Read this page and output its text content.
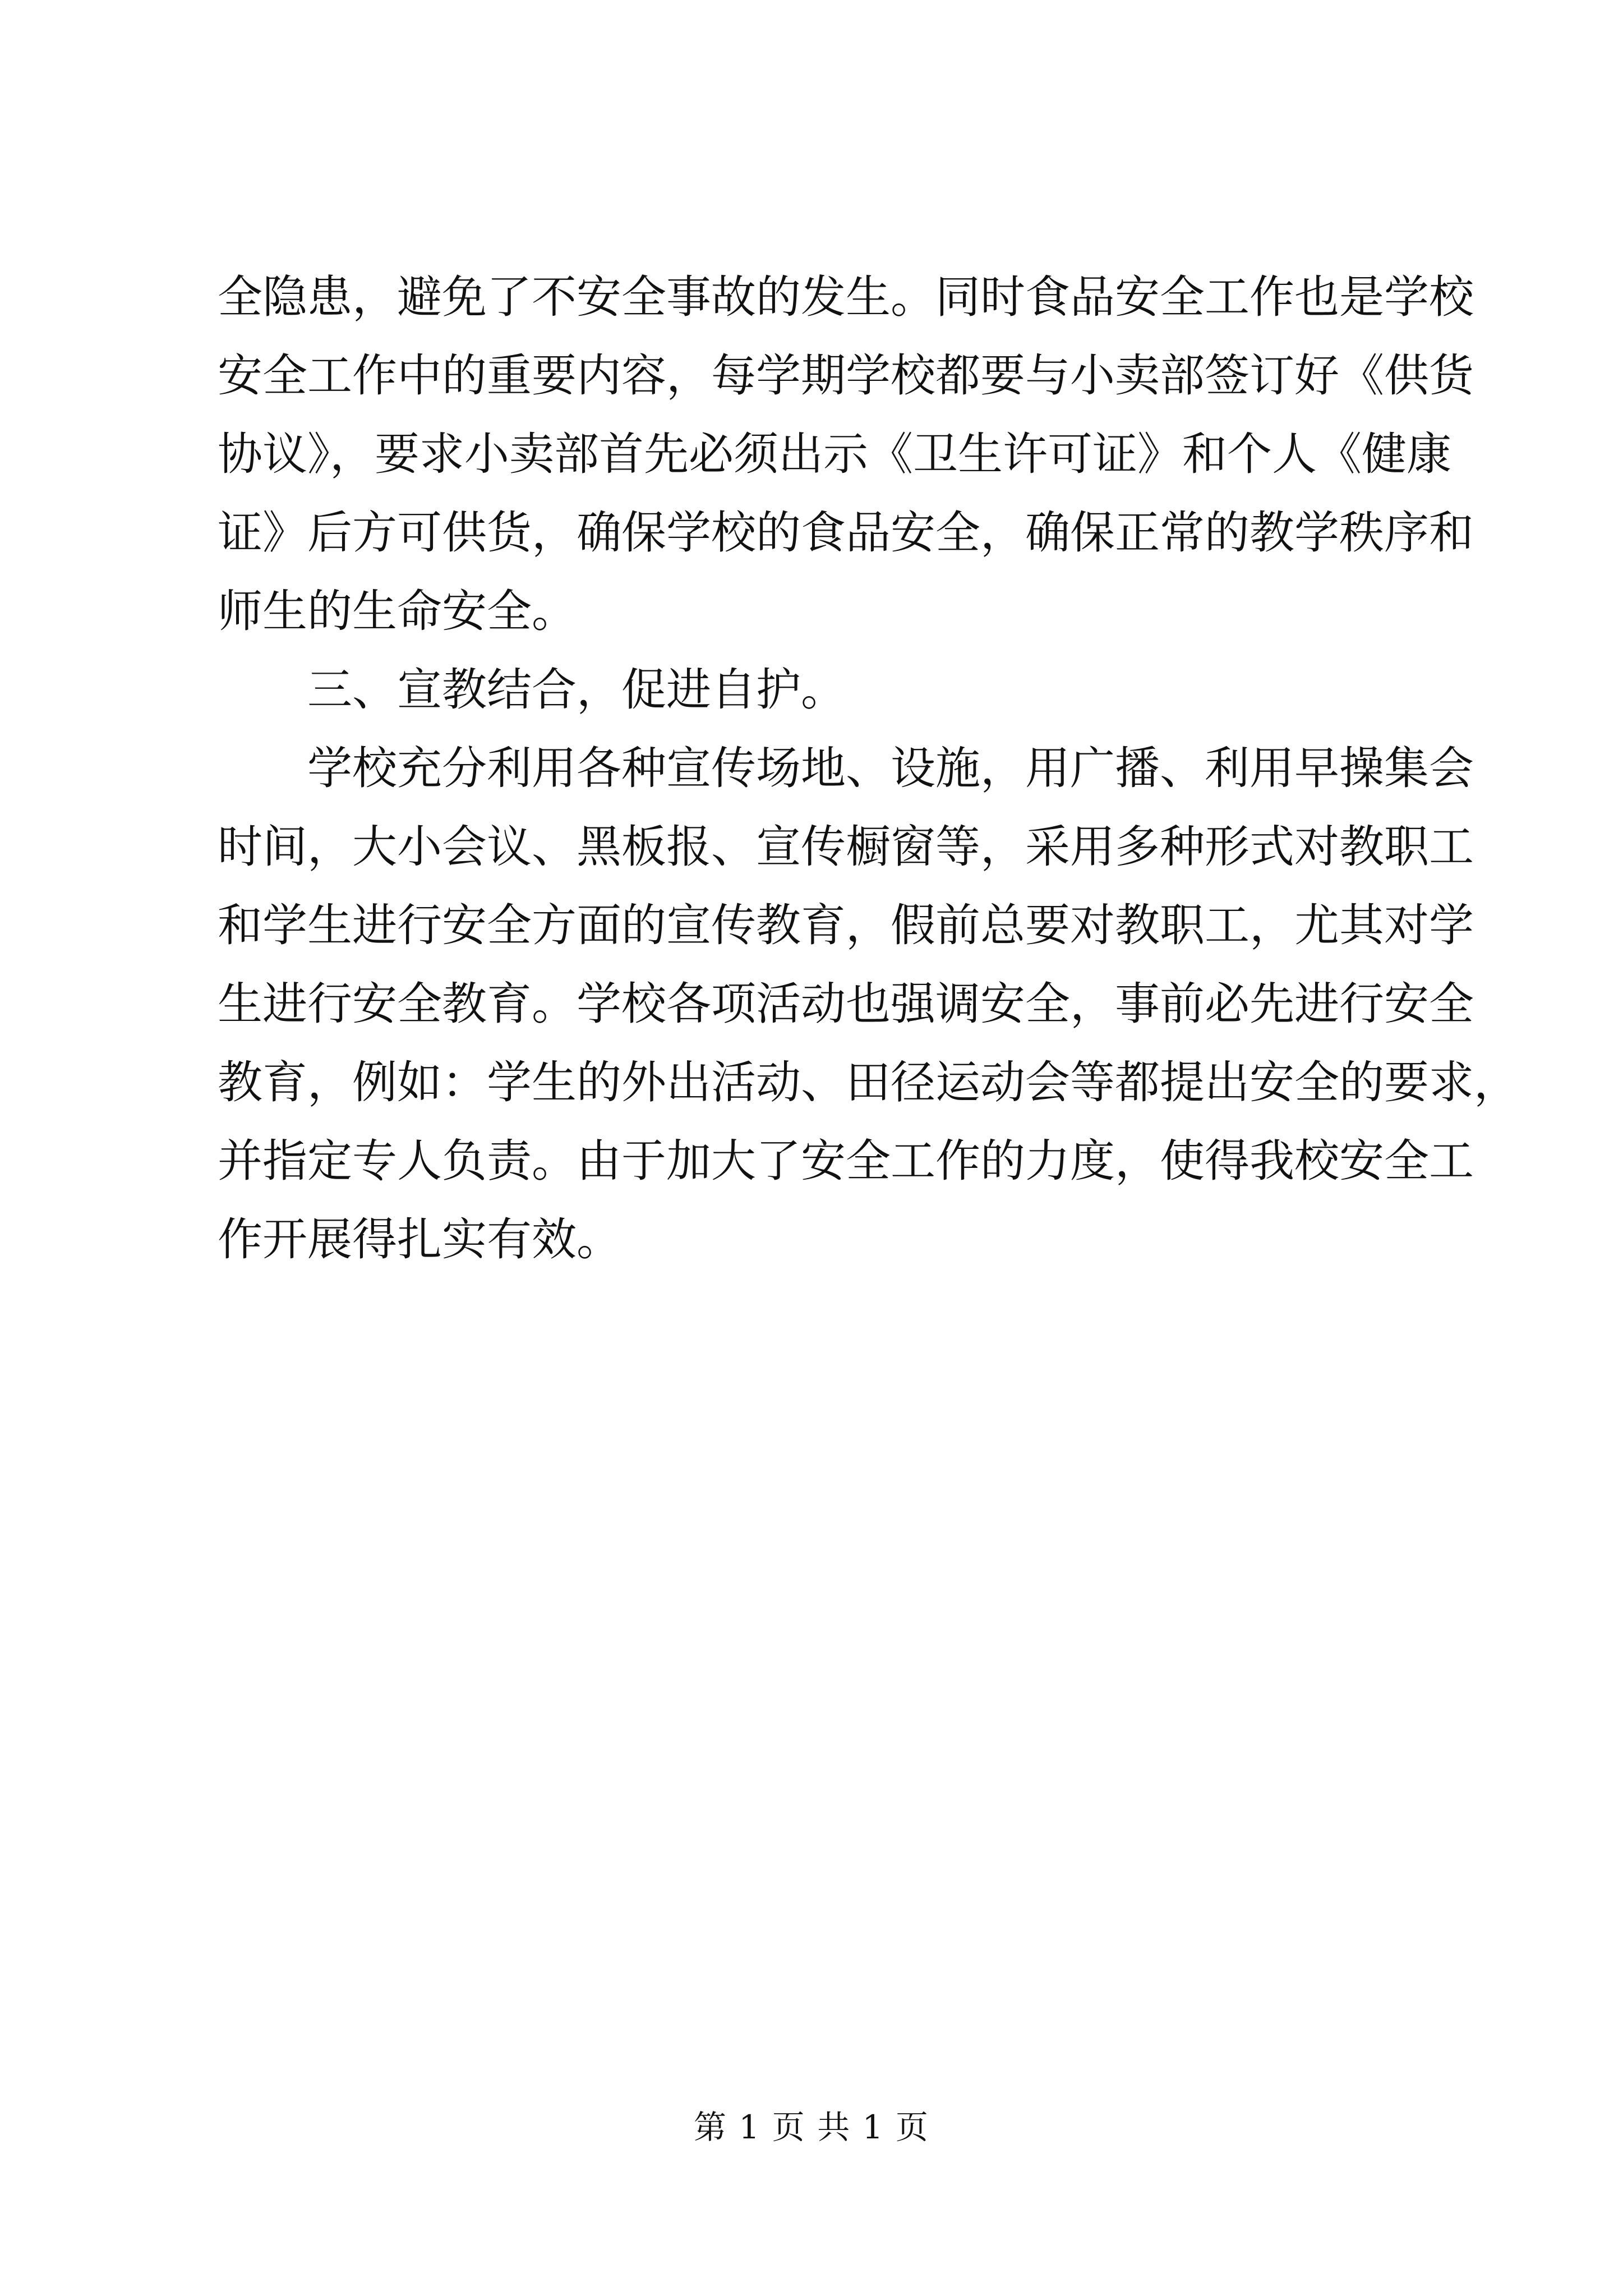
全隐患，避免了不安全事故的发生。同时食品安全工作也是学校
安全工作中的重要内容，每学期学校都要与小卖部签订好《供货
协议》，要求小卖部首先必须出示《卫生许可证》和个人《健康
证》后方可供货，确保学校的食品安全，确保正常的教学秩序和
师生的生命安全。
三、宣教结合，促进自护。
学校充分利用各种宣传场地、设施，用广播、利用早操集会
时间，大小会议、黑板报、宣传橱窗等，采用多种形式对教职工
和学生进行安全方面的宣传教育，假前总要对教职工，尤其对学
生进行安全教育。学校各项活动也强调安全，事前必先进行安全
教育，例如：学生的外出活动、田径运动会等都提出安全的要求，
并指定专人负责。由于加大了安全工作的力度，使得我校安全工
作开展得扎实有效。
第 1 页 共 1 页
